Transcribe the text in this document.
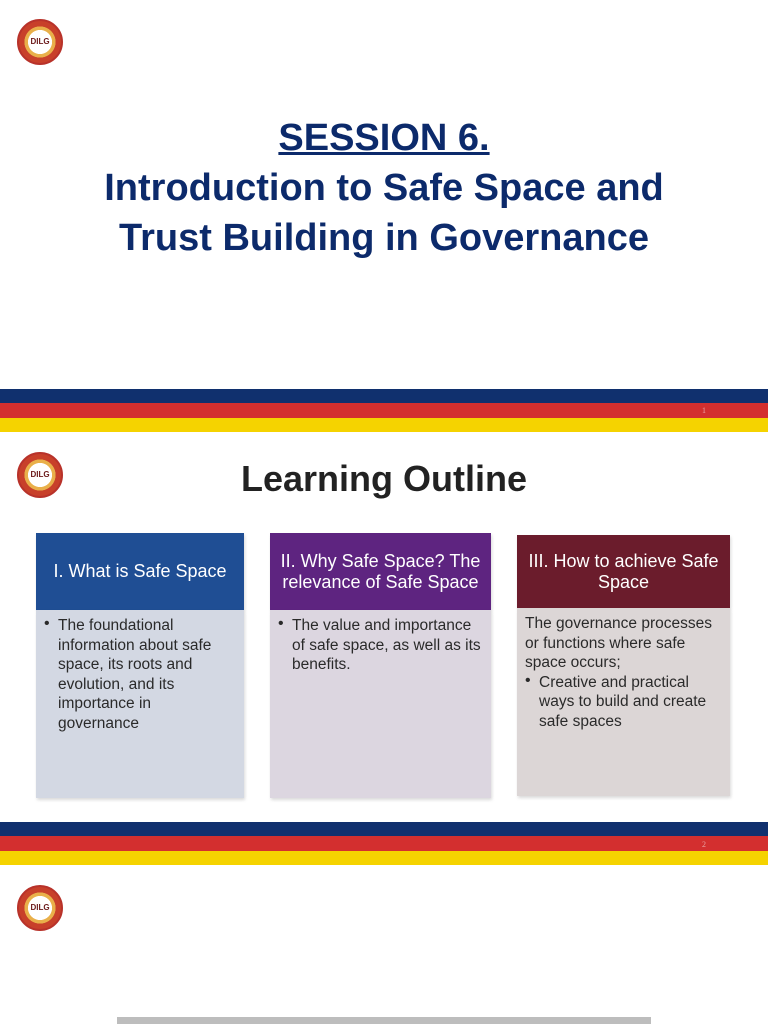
DILG
SESSION 6.
Introduction to Safe Space and
Trust Building in Governance
1
DILG	Learning Outline
I. What is Safe Space
• The foundational information about safe space, its roots and evolution, and its importance in governance
II. Why Safe Space? The relevance of Safe Space
• The value and importance of safe space, as well as its benefits.
III. How to achieve Safe Space

The governance processes or functions where safe space occurs;

• Creative and practical ways to build and create safe spaces
2
DILG
